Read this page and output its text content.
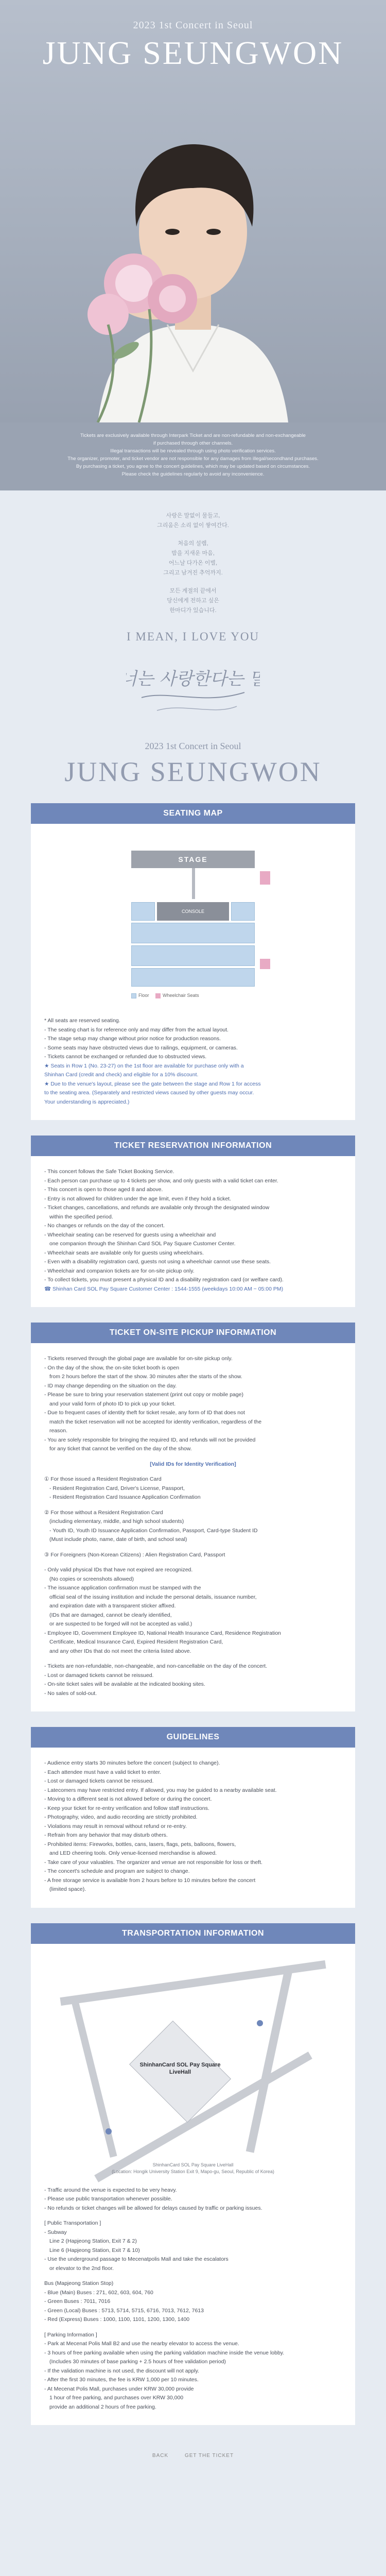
2023 1st Concert in Seoul
JUNG SEUNGWON

Tickets are exclusively available through Interpark Ticket and are non-refundable and non-exchangeable

if purchased through other channels.

Illegal transactions will be revealed through using photo verification services.

The organizer, promoter, and ticket vendor are not responsible for any damages from illegal/secondhand purchases.

By purchasing a ticket, you agree to the concert guidelines, which may be updated based on circumstances.

Please check the guidelines regularly to avoid any inconvenience.

사랑은 말없이 물들고,
그리움은 소리 없이 쌓여간다.
처음의 설렘,
밤을 지새운 마음,
어느날 다가온 이별,
그리고 남겨진 추억까지.
모든 계절의 끝에서
당신에게 전하고 싶은
한마디가 있습니다.
I MEAN, I LOVE YOU
너는 사랑한다는 말
2023 1st Concert in Seoul
JUNG SEUNGWON
SEATING MAP
STAGE
CONSOLE
Floor	Wheelchair Seats

* All seats are reserved seating.

- The seating chart is for reference only and may differ from the actual layout.

- The stage setup may change without prior notice for production reasons.

- Some seats may have obstructed views due to railings, equipment, or cameras.

- Tickets cannot be exchanged or refunded due to obstructed views.

★ Seats in Row 1 (No. 23-27) on the 1st floor are available for purchase only with a

Shinhan Card (credit and check) and eligible for a 10% discount.

★ Due to the venue's layout, please see the gate between the stage and Row 1 for access

to the seating area. (Separately and restricted views caused by other guests may occur.

Your understanding is appreciated.)

TICKET RESERVATION INFORMATION

- This concert follows the Safe Ticket Booking Service.

- Each person can purchase up to 4 tickets per show, and only guests with a valid ticket can enter.

- This concert is open to those aged 8 and above.

- Entry is not allowed for children under the age limit, even if they hold a ticket.

- Ticket changes, cancellations, and refunds are available only through the designated window

within the specified period.

- No changes or refunds on the day of the concert.

- Wheelchair seating can be reserved for guests using a wheelchair and

one companion through the Shinhan Card SOL Pay Square Customer Center.

- Wheelchair seats are available only for guests using wheelchairs.

- Even with a disability registration card, guests not using a wheelchair cannot use these seats.

- Wheelchair and companion tickets are for on-site pickup only.

- To collect tickets, you must present a physical ID and a disability registration card (or welfare card).

☎ Shinhan Card SOL Pay Square Customer Center : 1544-1555 (weekdays 10:00 AM ~ 05:00 PM)

TICKET ON-SITE PICKUP INFORMATION

- Tickets reserved through the global page are available for on-site pickup only.

- On the day of the show, the on-site ticket booth is open

from 2 hours before the start of the show. 30 minutes after the starts of the show.

- ID may change depending on the situation on the day.

- Please be sure to bring your reservation statement (print out copy or mobile page)

and your valid form of photo ID to pick up your ticket.

- Due to frequent cases of identity theft for ticket resale, any form of ID that does not

match the ticket reservation will not be accepted for identity verification, regardless of the

reason.

- You are solely responsible for bringing the required ID, and refunds will not be provided

for any ticket that cannot be verified on the day of the show.

[Valid IDs for Identity Verification]

① For those issued a Resident Registration Card

- Resident Registration Card, Driver's License, Passport,

- Resident Registration Card Issuance Application Confirmation

② For those without a Resident Registration Card

(including elementary, middle, and high school students)

- Youth ID, Youth ID Issuance Application Confirmation, Passport, Card-type Student ID

(Must include photo, name, date of birth, and school seal)

③ For Foreigners (Non-Korean Citizens) : Alien Registration Card, Passport

- Only valid physical IDs that have not expired are recognized.

(No copies or screenshots allowed)

- The issuance application confirmation must be stamped with the

official seal of the issuing institution and include the personal details, issuance number,

and expiration date with a transparent sticker affixed.

(IDs that are damaged, cannot be clearly identified,

or are suspected to be forged will not be accepted as valid.)

- Employee ID, Government Employee ID, National Health Insurance Card, Residence Registration

Certificate, Medical Insurance Card, Expired Resident Registration Card,

and any other IDs that do not meet the criteria listed above.

- Tickets are non-refundable, non-changeable, and non-cancellable on the day of the concert.

- Lost or damaged tickets cannot be reissued.

- On-site ticket sales will be available at the indicated booking sites.

- No sales of sold-out.

GUIDELINES

- Audience entry starts 30 minutes before the concert (subject to change).

- Each attendee must have a valid ticket to enter.

- Lost or damaged tickets cannot be reissued.

- Latecomers may have restricted entry. If allowed, you may be guided to a nearby available seat.

- Moving to a different seat is not allowed before or during the concert.

- Keep your ticket for re-entry verification and follow staff instructions.

- Photography, video, and audio recording are strictly prohibited.

- Violations may result in removal without refund or re-entry.

- Refrain from any behavior that may disturb others.

- Prohibited items: Fireworks, bottles, cans, lasers, flags, pets, balloons, flowers,

and LED cheering tools. Only venue-licensed merchandise is allowed.

- Take care of your valuables. The organizer and venue are not responsible for loss or theft.

- The concert's schedule and program are subject to change.

- A free storage service is available from 2 hours before to 10 minutes before the concert

(limited space).

TRANSPORTATION INFORMATION
ShinhanCard SOL Pay Square LiveHall
ShinhanCard SOL Pay Square LiveHall
(Location: Hongik University Station Exit 9, Mapo-gu, Seoul, Republic of Korea)

- Traffic around the venue is expected to be very heavy.

- Please use public transportation whenever possible.

- No refunds or ticket changes will be allowed for delays caused by traffic or parking issues.

[ Public Transportation ]

- Subway

Line 2 (Hapjeong Station, Exit 7 & 2)

Line 6 (Hapjeong Station, Exit 7 & 10)

- Use the underground passage to Mecenatpolis Mall and take the escalators

or elevator to the 2nd floor.

Bus (Mapjeong Station Stop)

- Blue (Main) Buses : 271, 602, 603, 604, 760

- Green Buses : 7011, 7016

- Green (Local) Buses : 5713, 5714, 5715, 6716, 7013, 7612, 7613

- Red (Express) Buses : 1000, 1100, 1101, 1200, 1300, 1400

[ Parking Information ]

- Park at Mecenat Polis Mall B2 and use the nearby elevator to access the venue.

- 3 hours of free parking available when using the parking validation machine inside the venue lobby.

(Includes 30 minutes of base parking + 2.5 hours of free validation period)

- If the validation machine is not used, the discount will not apply.

- After the first 30 minutes, the fee is KRW 1,000 per 10 minutes.

- At Mecenat Polis Mall, purchases under KRW 30,000 provide

1 hour of free parking, and purchases over KRW 30,000

provide an additional 2 hours of free parking.

BACK	GET THE TICKET
